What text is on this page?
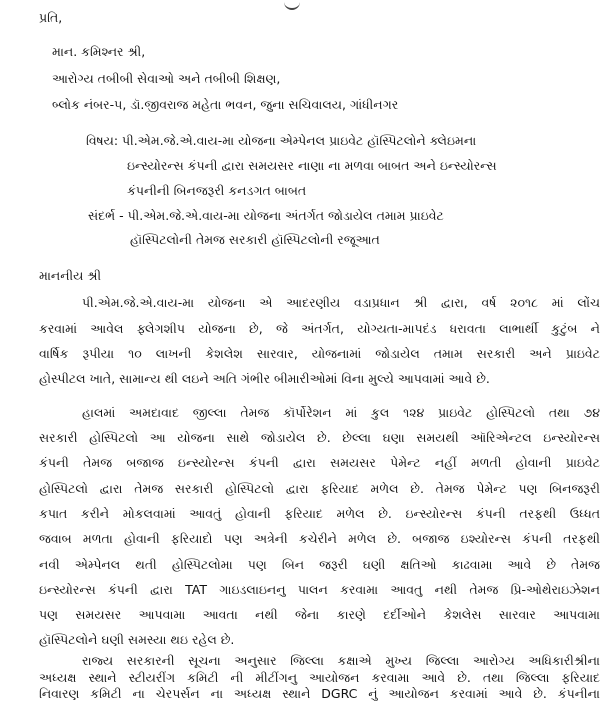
પ્રતિ,
માન. કમિશ્નર શ્રી,
આરોગ્ય તબીબી સેવાઓ અને તબીબી શિક્ષણ,
બ્લોક નંબર-૫, ડૉ.જીવરાજ મહેતા ભવન, જુના સચિવાલય, ગાંધીનગર
વિષય: પી.એમ.જે.એ.વાય-મા યોજના એમ્પેનલ પ્રાઇવેટ હૉસ્પિટલોને ક્લેઇમના
ઇન્સ્યોરન્સ કંપની દ્વારા સમયસર નાણા ના મળવા બાબત અને ઇન્સ્યોરન્સ
કંપનીની બિનજરૂરી કનડગત બાબત
સંદર્ભ - પી.એમ.જે.એ.વાય-મા યોજના અંતર્ગત જોડાયેલ તમામ પ્રાઇવેટ
હૉસ્પિટલોની તેમજ સરકારી હૉસ્પિટલોની રજૂઆત
માનનીય શ્રી
પી.એમ.જે.એ.વાય-મા યોજના એ આદરણીય વડાપ્રધાન શ્રી દ્વારા, વર્ષ ૨૦૧૮ માં લોંચ
કરવામાં આવેલ ફ્લેગશીપ યોજના છે, જે અંતર્ગત, યોગ્યતા-માપદંડ ધરાવતા લાભાર્થી કુટુંબ ને
વાર્ષિક રૂપીયા ૧૦ લાખની કેશલેશ સારવાર, યોજનામાં જોડાયેલ તમામ સરકારી અને પ્રાઇવેટ
હોસ્પીટલ ખાતે, સામાન્ય થી લઇને અતિ ગંભીર બીમારીઓમાં વિના મુલ્યે આપવામાં આવે છે.
હાલમાં અમદાવાદ જીલ્લા તેમજ કૉર્પોરેશન માં કુલ ૧૨૪ પ્રાઇવેટ હોસ્પિટલો તથા ૭૪
સરકારી હોસ્પિટલો આ યોજના સાથે જોડાયેલ છે. છેલ્લા ઘણા સમયથી ઑરિએન્ટલ ઇન્સ્યોરન્સ
કંપની તેમજ બજાજ ઇન્સ્યોરન્સ કંપની દ્વારા સમયસર પેમેન્ટ નહીં મળતી હોવાની પ્રાઇવેટ
હોસ્પિટલો દ્વારા તેમજ સરકારી હોસ્પિટલો દ્વારા ફરિયાદ મળેલ છે. તેમજ પેમેન્ટ પણ બિનજરૂરી
કપાત કરીને મોકલવામાં આવતું હોવાની ફરિયાદ મળેલ છે. ઇન્સ્યોરન્સ કંપની તરફથી ઉધ્ધત
જવાબ મળતા હોવાની ફરિયાદો પણ અત્રેની કચેરીને મળેલ છે. બજાજ ઇશ્યોરન્સ કંપની તરફથી
નવી એમ્પેનલ થતી હોસ્પિટલોમા પણ બિન જરૂરી ઘણી ક્ષતિઓ કાઢવામા આવે છે તેમજ
ઇન્સ્યોરન્સ કંપની દ્વારા TAT ગાઇડલાઇનનુ પાલન કરવામા આવતુ નથી તેમજ પ્રિ-ઓથેરાઇઝેશન
પણ સમયસર આપવામા આવતા નથી જેના કારણે દર્દીઓને કેશલેસ સારવાર આપવામા
હૉસ્પિટલોને ઘણી સમસ્યા થઇ રહેલ છે.
રાજ્ય સરકારની સૂચના અનુસાર જિલ્લા કક્ષાએ મુખ્ય જિલ્લા આરોગ્ય અધિકારીશ્રીના
અધ્યક્ષ સ્થાને સ્ટીયરીંગ કમિટી ની મીટીંગનુ આયોજન કરવામા આવે છે. તથા જિલ્લા ફરિયાદ
નિવારણ કમિટી ના ચેરપર્સન ના અધ્યક્ષ સ્થાને DGRC નું આયોજન કરવામાં આવે છે. કંપનીના
